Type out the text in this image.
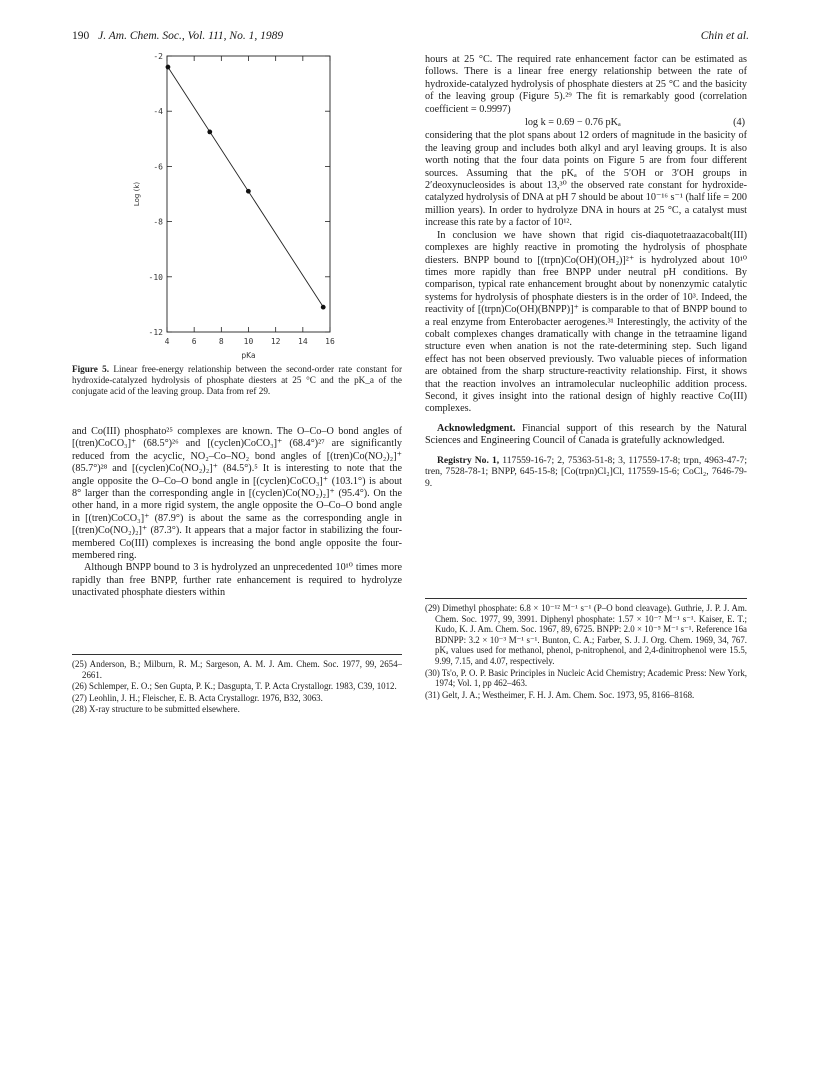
190 J. Am. Chem. Soc., Vol. 111, No. 1, 1989	Chin et al.
4	6	8 10 12 14 16
-2
-4
-6
-8
-10
-12
pKa
Log (k)
Figure 5. Linear free-energy relationship between the second-order rate constant for hydroxide-catalyzed hydrolysis of phosphate diesters at 25 °C and the pK_a of the conjugate acid of the leaving group. Data from ref 29.

and Co(III) phosphato²⁵ complexes are known. The O–Co–O bond angles of [(tren)CoCO₃]⁺ (68.5°)²⁶ and [(cyclen)CoCO₃]⁺ (68.4°)²⁷ are significantly reduced from the acyclic, NO₂–Co–NO₂ bond angles of [(tren)Co(NO₂)₂]⁺ (85.7°)²⁸ and [(cyclen)Co(NO₂)₂]⁺ (84.5°).⁵ It is interesting to note that the angle opposite the O–Co–O bond angle in [(cyclen)CoCO₃]⁺ (103.1°) is about 8° larger than the corresponding angle in [(cyclen)Co(NO₂)₂]⁺ (95.4°). On the other hand, in a more rigid system, the angle opposite the O–Co–O bond angle in [(tren)CoCO₃]⁺ (87.9°) is about the same as the corresponding angle in [(tren)Co(NO₂)₂]⁺ (87.3°). It appears that a major factor in stabilizing the four-membered Co(III) complexes is increasing the bond angle opposite the four-membered ring.

Although BNPP bound to 3 is hydrolyzed an unprecedented 10¹⁰ times more rapidly than free BNPP, further rate enhancement is required to hydrolyze unactivated phosphate diesters within

(25) Anderson, B.; Milburn, R. M.; Sargeson, A. M. J. Am. Chem. Soc. 1977, 99, 2654–2661.

(26) Schlemper, E. O.; Sen Gupta, P. K.; Dasgupta, T. P. Acta Crystallogr. 1983, C39, 1012.

(27) Leohlin, J. H.; Fleischer, E. B. Acta Crystallogr. 1976, B32, 3063.

(28) X-ray structure to be submitted elsewhere.

hours at 25 °C. The required rate enhancement factor can be estimated as follows. There is a linear free energy relationship between the rate of hydroxide-catalyzed hydrolysis of phosphate diesters at 25 °C and the basicity of the leaving group (Figure 5).²⁹ The fit is remarkably good (correlation coefficient = 0.9997)

log k = 0.69 − 0.76 pKₐ	(4)

considering that the plot spans about 12 orders of magnitude in the basicity of the leaving group and includes both alkyl and aryl leaving groups. It is also worth noting that the four data points on Figure 5 are from four different sources. Assuming that the pKₐ of the 5′OH or 3′OH groups in 2′deoxynucleosides is about 13,³⁰ the observed rate constant for hydroxide-catalyzed hydrolysis of DNA at pH 7 should be about 10⁻¹⁶ s⁻¹ (half life = 200 million years). In order to hydrolyze DNA in hours at 25 °C, a catalyst must increase this rate by a factor of 10¹².

In conclusion we have shown that rigid cis-diaquotetraazacobalt(III) complexes are highly reactive in promoting the hydrolysis of phosphate diesters. BNPP bound to [(trpn)Co(OH)(OH₂)]²⁺ is hydrolyzed about 10¹⁰ times more rapidly than free BNPP under neutral pH conditions. By comparison, typical rate enhancement brought about by nonenzymic catalytic systems for hydrolysis of phosphate diesters is in the order of 10³. Indeed, the reactivity of [(trpn)Co(OH)(BNPP)]⁺ is comparable to that of BNPP bound to a real enzyme from Enterobacter aerogenes.³¹ Interestingly, the activity of the cobalt complexes changes dramatically with change in the tetraamine ligand structure even when anation is not the rate-determining step. Such ligand effect has not been observed previously. Two valuable pieces of information are obtained from the sharp structure-reactivity relationship. First, it shows that the reaction involves an intramolecular nucleophilic addition process. Second, it gives insight into the rational design of highly reactive Co(III) complexes.

Acknowledgment. Financial support of this research by the Natural Sciences and Engineering Council of Canada is gratefully acknowledged.

Registry No. 1, 117559-16-7; 2, 75363-51-8; 3, 117559-17-8; trpn, 4963-47-7; tren, 7528-78-1; BNPP, 645-15-8; [Co(trpn)Cl₂]Cl, 117559-15-6; CoCl₂, 7646-79-9.

(29) Dimethyl phosphate: 6.8 × 10⁻¹² M⁻¹ s⁻¹ (P–O bond cleavage). Guthrie, J. P. J. Am. Chem. Soc. 1977, 99, 3991. Diphenyl phosphate: 1.57 × 10⁻⁷ M⁻¹ s⁻¹. Kaiser, E. T.; Kudo, K. J. Am. Chem. Soc. 1967, 89, 6725. BNPP: 2.0 × 10⁻⁵ M⁻¹ s⁻¹. Reference 16a BDNPP: 3.2 × 10⁻³ M⁻¹ s⁻¹. Bunton, C. A.; Farber, S. J. J. Org. Chem. 1969, 34, 767. pKₐ values used for methanol, phenol, p-nitrophenol, and 2,4-dinitrophenol were 15.5, 9.99, 7.15, and 4.07, respectively.

(30) Ts'o, P. O. P. Basic Principles in Nucleic Acid Chemistry; Academic Press: New York, 1974; Vol. 1, pp 462–463.

(31) Gelt, J. A.; Westheimer, F. H. J. Am. Chem. Soc. 1973, 95, 8166–8168.
